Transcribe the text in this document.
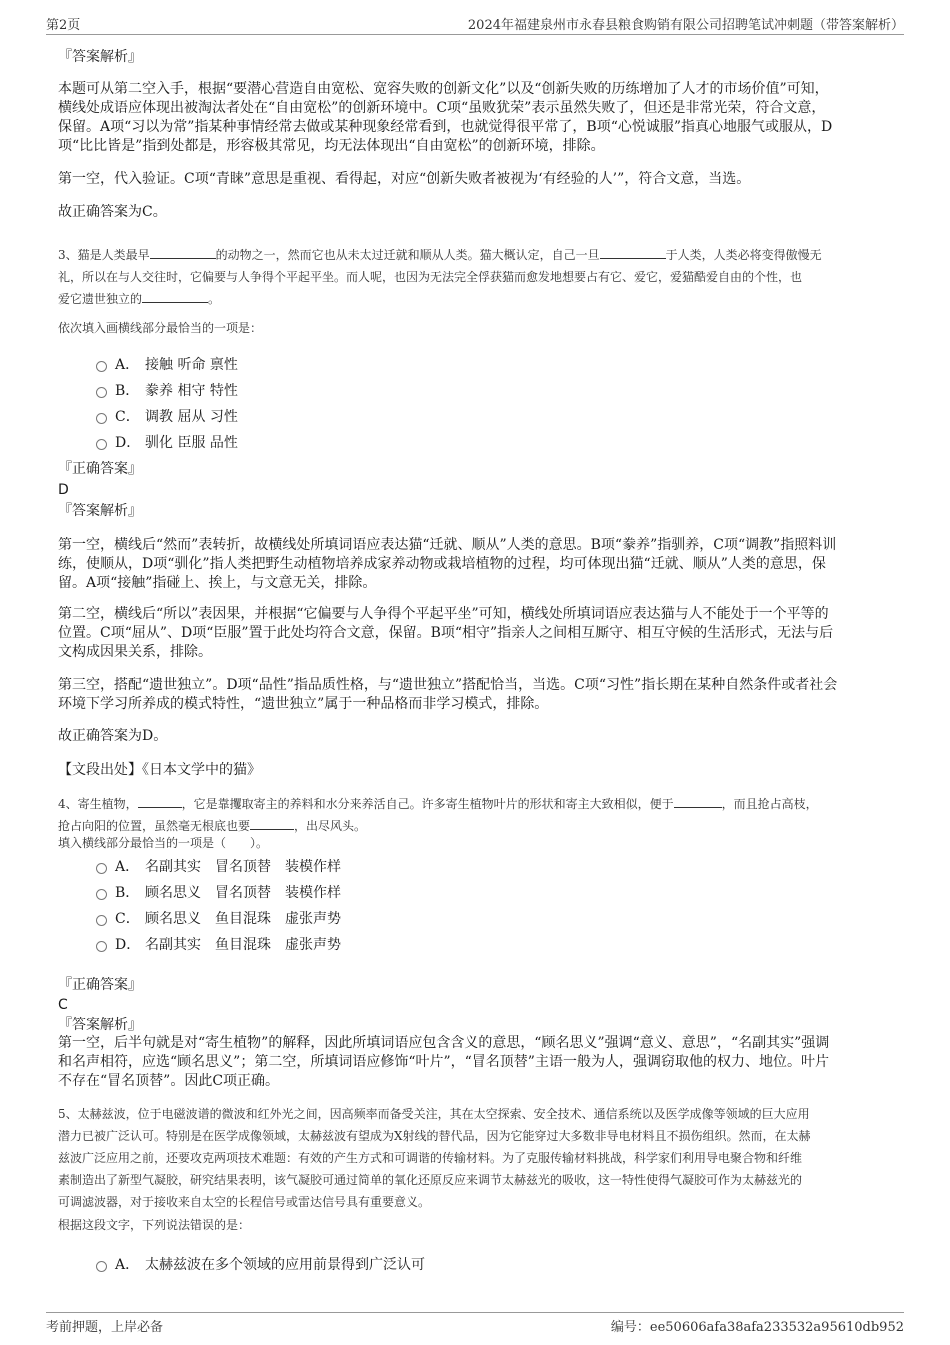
第2页	2024年福建泉州市永春县粮食购销有限公司招聘笔试冲刺题（带答案解析）
『答案解析』
本题可从第二空入手，根据“要潜心营造自由宽松、宽容失败的创新文化”以及“创新失败的历练增加了人才的市场价值”可知，
横线处成语应体现出被淘汰者处在“自由宽松”的创新环境中。C项“虽败犹荣”表示虽然失败了，但还是非常光荣，符合文意，
保留。A项“习以为常”指某种事情经常去做或某种现象经常看到，也就觉得很平常了，B项“心悦诚服”指真心地服气或服从，D
项“比比皆是”指到处都是，形容极其常见，均无法体现出“自由宽松”的创新环境，排除。
第一空，代入验证。C项“青睐”意思是重视、看得起，对应“创新失败者被视为‘有经验的人’”，符合文意，当选。
故正确答案为C。
3、猫是人类最早	的动物之一，然而它也从未太过迁就和顺从人类。猫大概认定，自己一旦	于人类，人类必将变得傲慢无
礼，所以在与人交往时，它偏要与人争得个平起平坐。而人呢，也因为无法完全俘获猫而愈发地想要占有它、爱它，爱猫酷爱自由的个性，也
爱它遗世独立的	。
依次填入画横线部分最恰当的一项是：
A． 接触 听命 禀性
B． 豢养 相守 特性
C． 调教 屈从 习性
D． 驯化 臣服 品性
『正确答案』
D
『答案解析』
第一空，横线后“然而”表转折，故横线处所填词语应表达猫“迁就、顺从”人类的意思。B项“豢养”指驯养，C项“调教”指照料训
练，使顺从，D项“驯化”指人类把野生动植物培养成家养动物或栽培植物的过程，均可体现出猫“迁就、顺从”人类的意思，保
留。A项“接触”指碰上、挨上，与文意无关，排除。
第二空，横线后“所以”表因果，并根据“它偏要与人争得个平起平坐”可知，横线处所填词语应表达猫与人不能处于一个平等的
位置。C项“屈从”、D项“臣服”置于此处均符合文意，保留。B项“相守”指亲人之间相互厮守、相互守候的生活形式，无法与后
文构成因果关系，排除。
第三空，搭配“遗世独立”。D项“品性”指品质性格，与“遗世独立”搭配恰当，当选。C项“习性”指长期在某种自然条件或者社会
环境下学习所养成的模式特性，“遗世独立”属于一种品格而非学习模式，排除。
故正确答案为D。
【文段出处】《日本文学中的猫》
4、寄生植物，	，它是靠攫取寄主的养料和水分来养活自己。许多寄生植物叶片的形状和寄主大致相似，便于	，而且抢占高枝，
抢占向阳的位置，虽然毫无根底也要	，出尽风头。
填入横线部分最恰当的一项是（　　）。
A． 名副其实 冒名顶替 装模作样
B． 顾名思义 冒名顶替 装模作样
C． 顾名思义 鱼目混珠 虚张声势
D． 名副其实 鱼目混珠 虚张声势
『正确答案』
C
『答案解析』
第一空，后半句就是对“寄生植物”的解释，因此所填词语应包含含义的意思，“顾名思义”强调“意义、意思”，“名副其实”强调
和名声相符，应选“顾名思义”；第二空，所填词语应修饰“叶片”，“冒名顶替”主语一般为人，强调窃取他的权力、地位。叶片
不存在“冒名顶替”。因此C项正确。
5、太赫兹波，位于电磁波谱的微波和红外光之间，因高频率而备受关注，其在太空探索、安全技术、通信系统以及医学成像等领域的巨大应用
潜力已被广泛认可。特别是在医学成像领域，太赫兹波有望成为X射线的替代品，因为它能穿过大多数非导电材料且不损伤组织。然而，在太赫
兹波广泛应用之前，还要攻克两项技术难题：有效的产生方式和可调谐的传输材料。为了克服传输材料挑战，科学家们利用导电聚合物和纤维
素制造出了新型气凝胶，研究结果表明，该气凝胶可通过简单的氧化还原反应来调节太赫兹光的吸收，这一特性使得气凝胶可作为太赫兹光的
可调滤波器，对于接收来自太空的长程信号或雷达信号具有重要意义。
根据这段文字，下列说法错误的是：
A． 太赫兹波在多个领域的应用前景得到广泛认可
考前押题，上岸必备	编号：ee50606afa38afa233532a95610db952
